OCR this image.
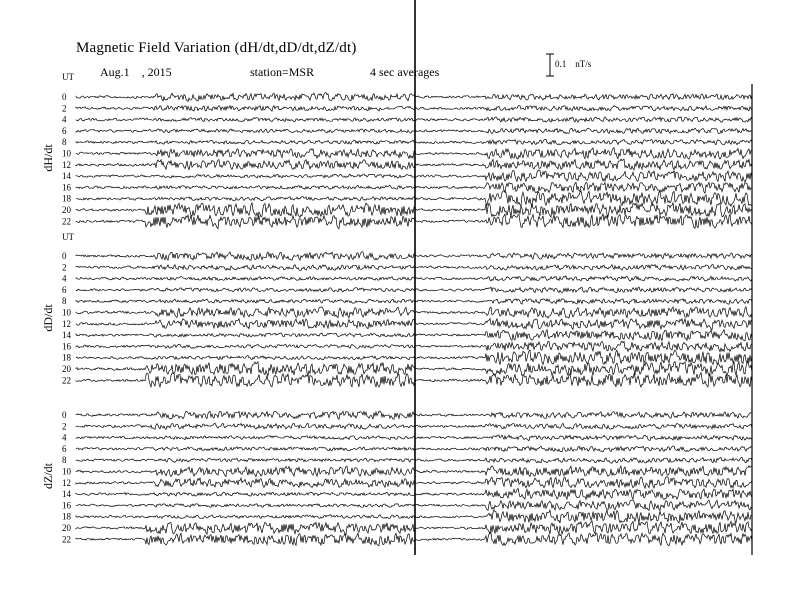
Magnetic Field Variation (dH/dt,dD/dt,dZ/dt)
Aug.1　, 2015	station=MSR	4 sec averages
0.1　nT/s
dH/dt
UT
0
2
4
6
8
10
12
14
16
18
20
22
dD/dt
UT
0
2
4
6
8
10
12
14
16
18
20
22
dZ/dt
0
2
4
6
8
10
12
14
16
18
20
22
